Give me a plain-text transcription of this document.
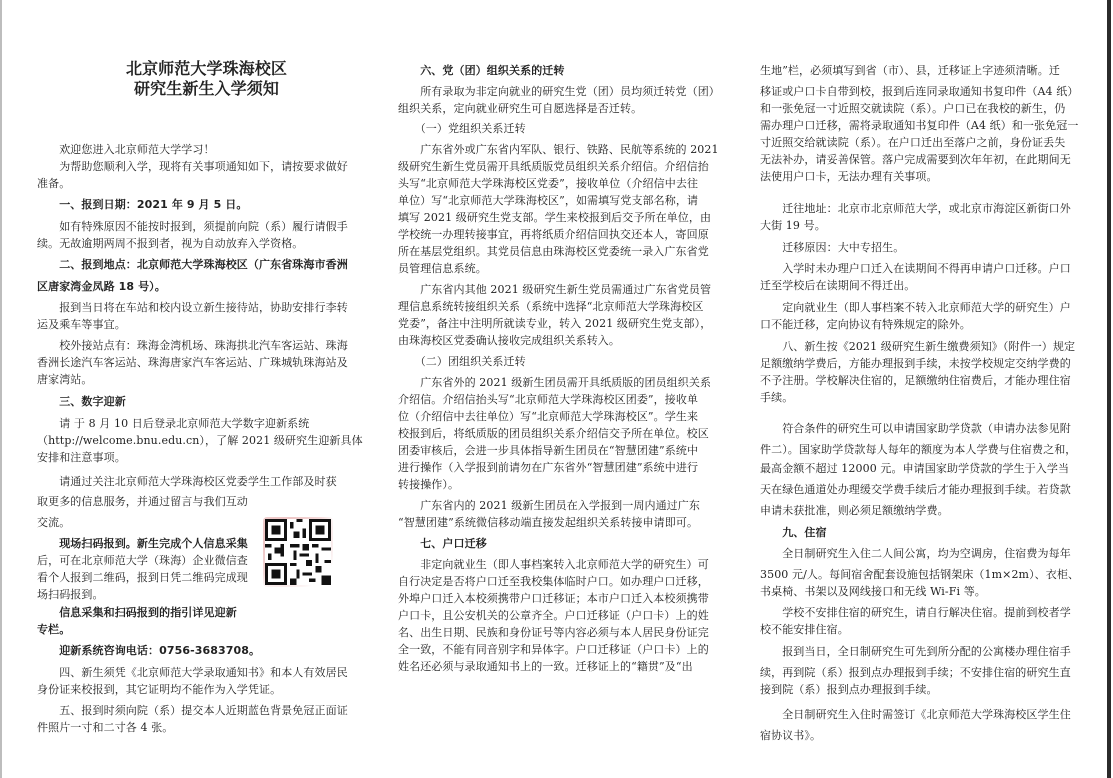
北京师范大学珠海校区
研究生新生入学须知
　　欢迎您进入北京师范大学学习！
　　为帮助您顺利入学，现将有关事项通知如下，请按要求做好
准备。
　　一、报到日期：2021 年 9 月 5 日。
　　如有特殊原因不能按时报到，须提前向院（系）履行请假手
续。无故逾期两周不报到者，视为自动放弃入学资格。
　　二、报到地点：北京师范大学珠海校区（广东省珠海市香洲
区唐家湾金凤路 18 号）。
　　报到当日将在车站和校内设立新生接待站，协助安排行李转
运及乘车等事宜。
　　校外接站点有：珠海金湾机场、珠海拱北汽车客运站、珠海
香洲长途汽车客运站、珠海唐家汽车客运站、广珠城轨珠海站及
唐家湾站。
　　三、数字迎新
　　请 于 8 月 10 日后登录北京师范大学数字迎新系统
（http://welcome.bnu.edu.cn），了解 2021 级研究生迎新具体
安排和注意事项。
　　请通过关注北京师范大学珠海校区党委学生工作部及时获
取更多的信息服务，并通过留言与我们互动
交流。
　　现场扫码报到。新生完成个人信息采集
后，可在北京师范大学（珠海）企业微信查
看个人报到二维码，报到日凭二维码完成现
场扫码报到。
　　信息采集和扫码报到的指引详见迎新
专栏。
　　迎新系统咨询电话：0756-3683708。
　　四、新生须凭《北京师范大学录取通知书》和本人有效居民
身份证来校报到，其它证明均不能作为入学凭证。
　　五、报到时须向院（系）提交本人近期蓝色背景免冠正面证
件照片一寸和二寸各 4 张。
　　六、党（团）组织关系的迁转
　　所有录取为非定向就业的研究生党（团）员均须迁转党（团）
组织关系，定向就业研究生可自愿选择是否迁转。
　　（一）党组织关系迁转
　　广东省外或广东省内军队、银行、铁路、民航等系统的 2021
级研究生新生党员需开具纸质版党员组织关系介绍信。介绍信抬
头写“北京师范大学珠海校区党委”，接收单位（介绍信中去往
单位）写“北京师范大学珠海校区”，如需填写党支部名称，请
填写 2021 级研究生党支部。学生来校报到后交予所在单位，由
学校统一办理转接事宜，再将纸质介绍信回执交还本人，寄回原
所在基层党组织。其党员信息由珠海校区党委统一录入广东省党
员管理信息系统。
　　广东省内其他 2021 级研究生新生党员需通过广东省党员管
理信息系统转接组织关系（系统中选择“北京师范大学珠海校区
党委”，备注中注明所就读专业，转入 2021 级研究生党支部），
由珠海校区党委确认接收完成组织关系转入。
　　（二）团组织关系迁转
　　广东省外的 2021 级新生团员需开具纸质版的团员组织关系
介绍信。介绍信抬头写“北京师范大学珠海校区团委”，接收单
位（介绍信中去往单位）写“北京师范大学珠海校区”。学生来
校报到后，将纸质版的团员组织关系介绍信交予所在单位。校区
团委审核后，会进一步具体指导新生团员在“智慧团建”系统中
进行操作（入学报到前请勿在广东省外“智慧团建”系统中进行
转接操作）。
　　广东省内的 2021 级新生团员在入学报到一周内通过广东
“智慧团建”系统微信移动端直接发起组织关系转接申请即可。
　　七、户口迁移
　　非定向就业生（即人事档案转入北京师范大学的研究生）可
自行决定是否将户口迁至我校集体临时户口。如办理户口迁移，
外埠户口迁入本校须携带户口迁移证；本市户口迁入本校须携带
户口卡，且公安机关的公章齐全。户口迁移证（户口卡）上的姓
名、出生日期、民族和身份证号等内容必须与本人居民身份证完
全一致，不能有同音别字和异体字。户口迁移证（户口卡）上的
姓名还必须与录取通知书上的一致。迁移证上的“籍贯”及“出
生地”栏，必须填写到省（市）、县，迁移证上字迹须清晰。迁
移证或户口卡自带到校，报到后连同录取通知书复印件（A4 纸）
和一张免冠一寸近照交就读院（系）。户口已在我校的新生，仍
需办理户口迁移，需将录取通知书复印件（A4 纸）和一张免冠一
寸近照交给就读院（系）。在户口迁出至落户之前，身份证丢失
无法补办，请妥善保管。落户完成需要到次年年初，在此期间无
法使用户口卡，无法办理有关事项。
　　迁往地址：北京市北京师范大学，或北京市海淀区新街口外
大街 19 号。
　　迁移原因：大中专招生。
　　入学时未办理户口迁入在读期间不得再申请户口迁移。户口
迁至学校后在读期间不得迁出。
　　定向就业生（即人事档案不转入北京师范大学的研究生）户
口不能迁移，定向协议有特殊规定的除外。
　　八、新生按《2021 级研究生新生缴费须知》（附件一）规定
足额缴纳学费后，方能办理报到手续，未按学校规定交纳学费的
不予注册。学校解决住宿的，足额缴纳住宿费后，才能办理住宿
手续。
　　符合条件的研究生可以申请国家助学贷款（申请办法参见附
件二）。国家助学贷款每人每年的额度为本人学费与住宿费之和，
最高金额不超过 12000 元。申请国家助学贷款的学生于入学当
天在绿色通道处办理缓交学费手续后才能办理报到手续。若贷款
申请未获批准，则必须足额缴纳学费。
　　九、住宿
　　全日制研究生入住二人间公寓，均为空调房，住宿费为每年
3500 元/人。每间宿舍配套设施包括钢架床（1m×2m）、衣柜、
书桌椅、书架以及网线接口和无线 Wi-Fi 等。
　　学校不安排住宿的研究生，请自行解决住宿。提前到校者学
校不能安排住宿。
　　报到当日，全日制研究生可先到所分配的公寓楼办理住宿手
续，再到院（系）报到点办理报到手续；不安排住宿的研究生直
接到院（系）报到点办理报到手续。
　　全日制研究生入住时需签订《北京师范大学珠海校区学生住
宿协议书》。
